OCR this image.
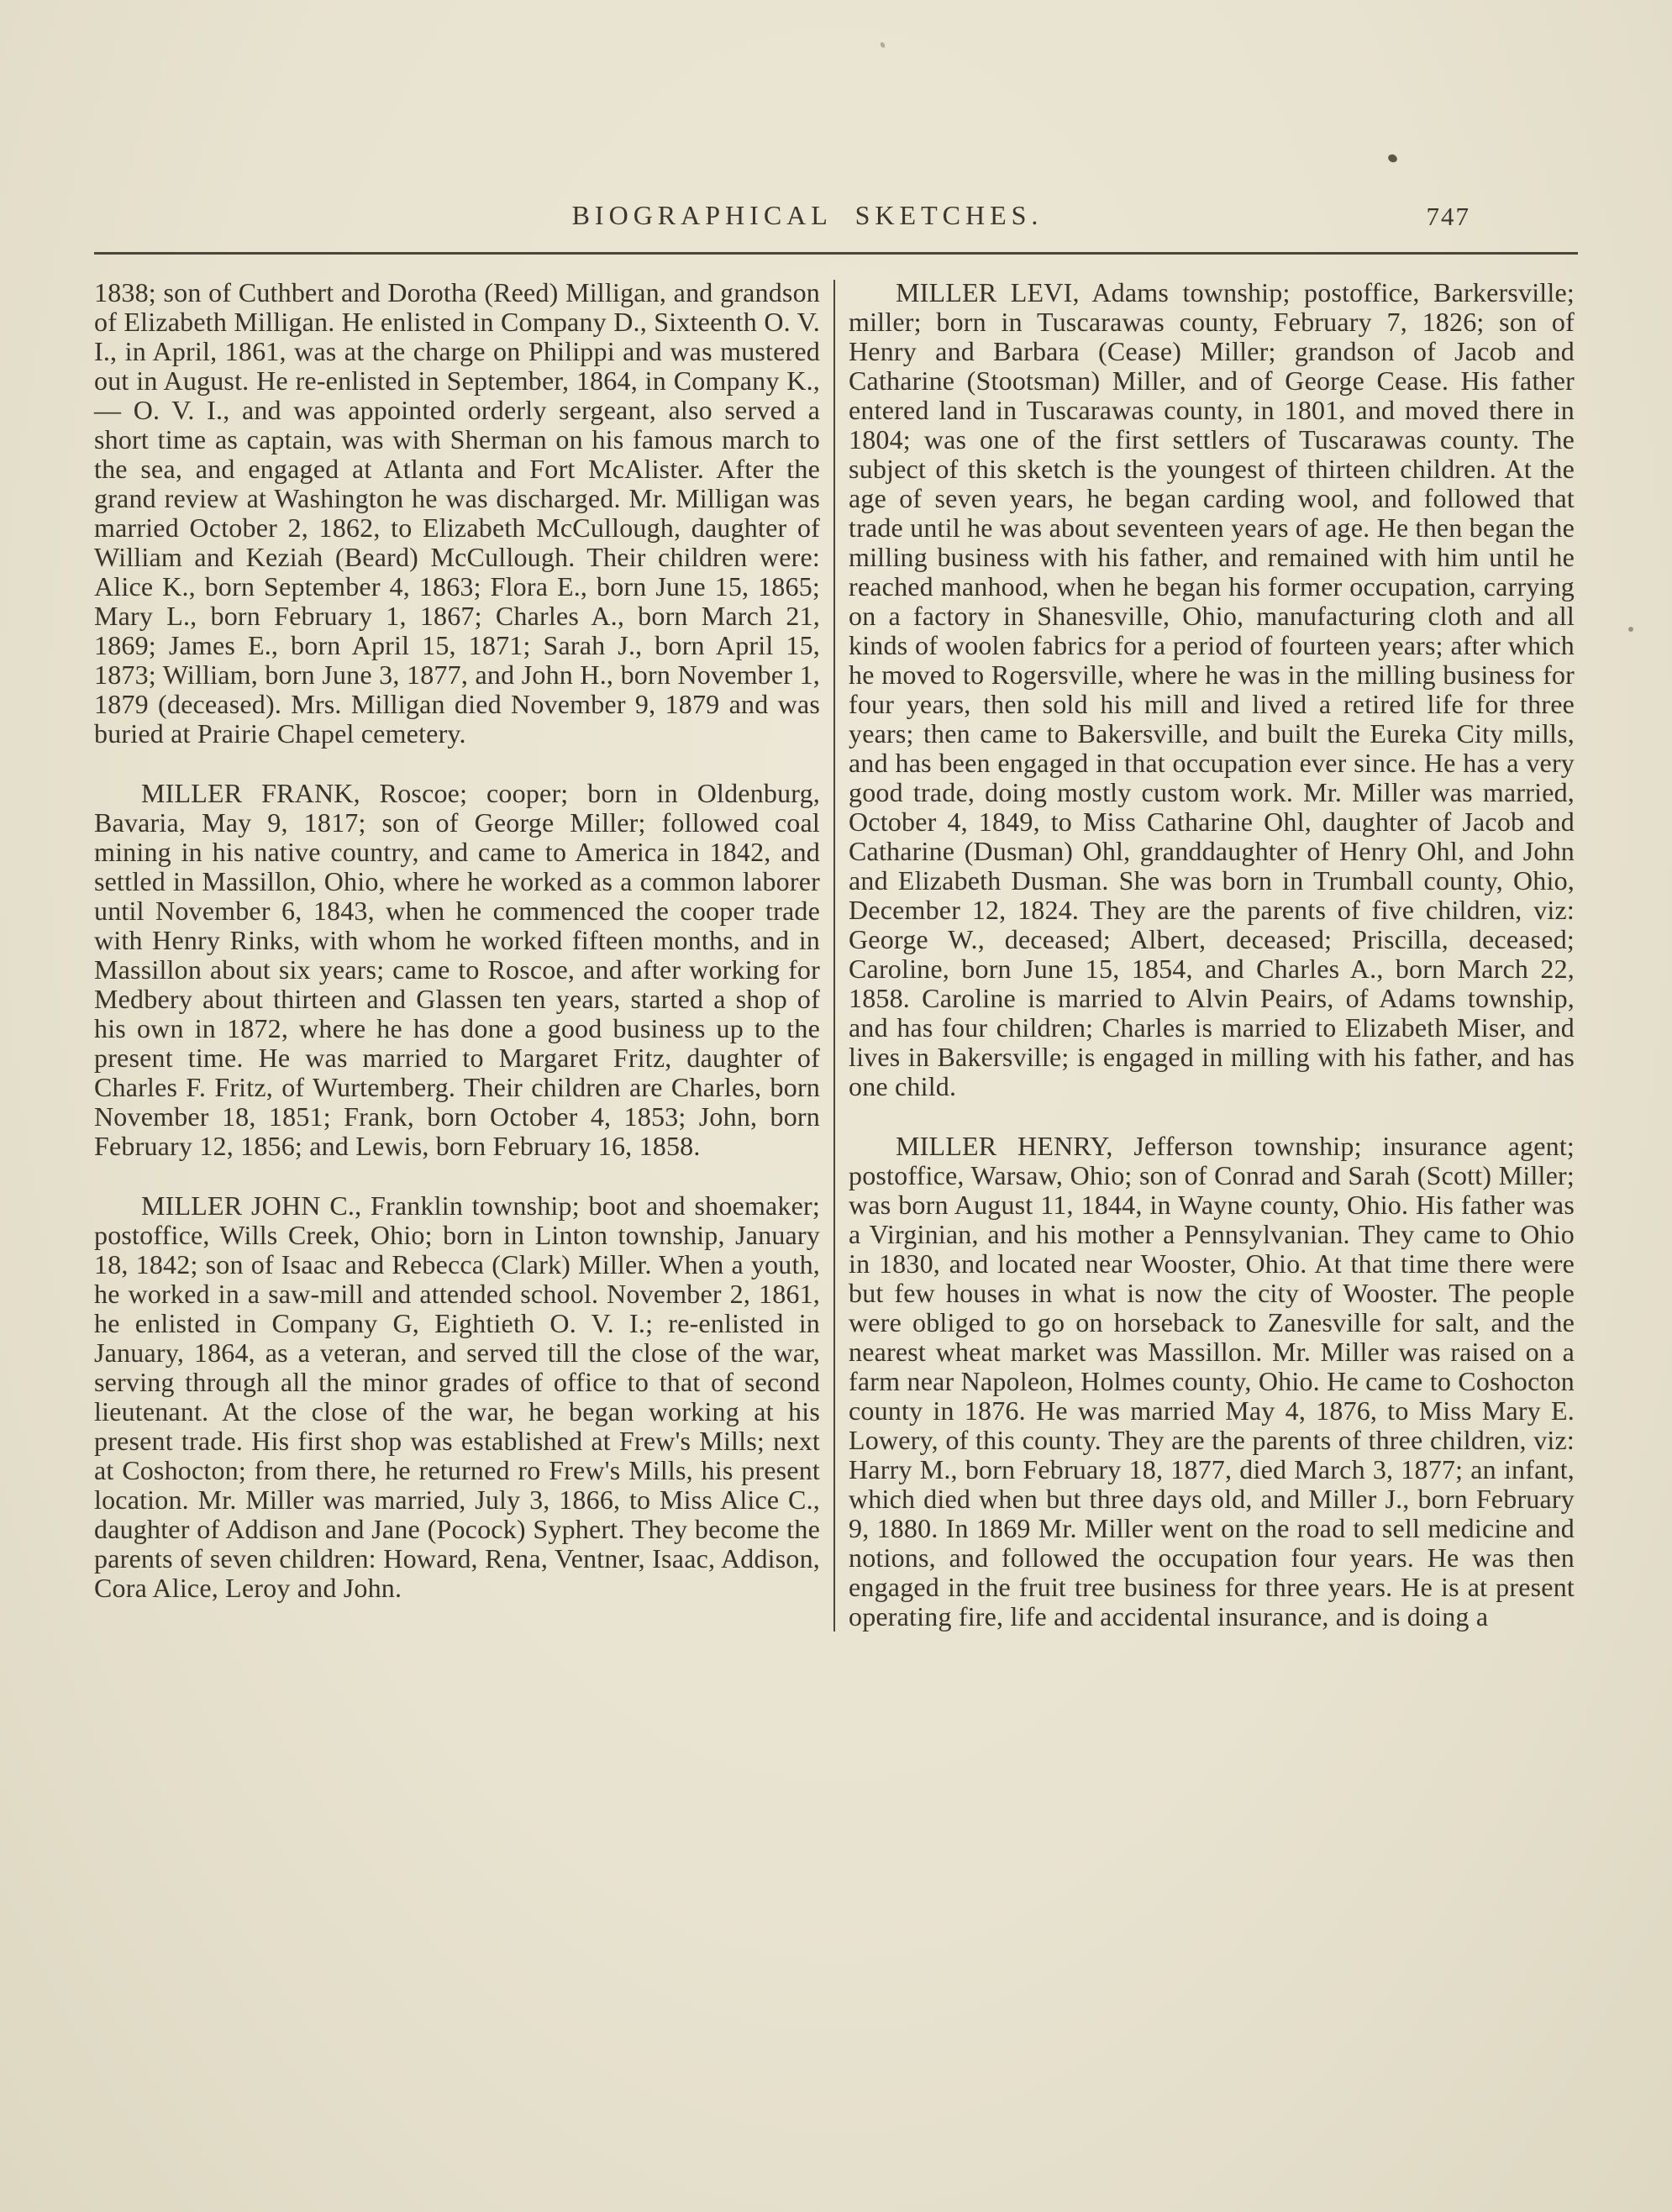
BIOGRAPHICAL SKETCHES.	747

1838; son of Cuthbert and Dorotha (Reed) Milligan, and grandson of Elizabeth Milligan. He enlisted in Company D., Sixteenth O. V. I., in April, 1861, was at the charge on Philippi and was mustered out in August. He re-enlisted in September, 1864, in Company K., — O. V. I., and was appointed orderly sergeant, also served a short time as captain, was with Sherman on his famous march to the sea, and engaged at Atlanta and Fort McAlister. After the grand review at Washington he was discharged. Mr. Milligan was married October 2, 1862, to Elizabeth McCullough, daughter of William and Keziah (Beard) McCullough. Their children were: Alice K., born September 4, 1863; Flora E., born June 15, 1865; Mary L., born February 1, 1867; Charles A., born March 21, 1869; James E., born April 15, 1871; Sarah J., born April 15, 1873; William, born June 3, 1877, and John H., born November 1, 1879 (deceased). Mrs. Milligan died November 9, 1879 and was buried at Prairie Chapel cemetery.

MILLER FRANK, Roscoe; cooper; born in Oldenburg, Bavaria, May 9, 1817; son of George Miller; followed coal mining in his native country, and came to America in 1842, and settled in Massillon, Ohio, where he worked as a common laborer until November 6, 1843, when he commenced the cooper trade with Henry Rinks, with whom he worked fifteen months, and in Massillon about six years; came to Roscoe, and after working for Medbery about thirteen and Glassen ten years, started a shop of his own in 1872, where he has done a good business up to the present time. He was married to Margaret Fritz, daughter of Charles F. Fritz, of Wurtemberg. Their children are Charles, born November 18, 1851; Frank, born October 4, 1853; John, born February 12, 1856; and Lewis, born February 16, 1858.

MILLER JOHN C., Franklin township; boot and shoemaker; postoffice, Wills Creek, Ohio; born in Linton township, January 18, 1842; son of Isaac and Rebecca (Clark) Miller. When a youth, he worked in a saw-mill and attended school. November 2, 1861, he enlisted in Company G, Eightieth O. V. I.; re-enlisted in January, 1864, as a veteran, and served till the close of the war, serving through all the minor grades of office to that of second lieutenant. At the close of the war, he began working at his present trade. His first shop was established at Frew's Mills; next at Coshocton; from there, he returned ro Frew's Mills, his present location. Mr. Miller was married, July 3, 1866, to Miss Alice C., daughter of Addison and Jane (Pocock) Syphert. They become the parents of seven children: Howard, Rena, Ventner, Isaac, Addison, Cora Alice, Leroy and John.

MILLER LEVI, Adams township; postoffice, Barkersville; miller; born in Tuscarawas county, February 7, 1826; son of Henry and Barbara (Cease) Miller; grandson of Jacob and Catharine (Stootsman) Miller, and of George Cease. His father entered land in Tuscarawas county, in 1801, and moved there in 1804; was one of the first settlers of Tuscarawas county. The subject of this sketch is the youngest of thirteen children. At the age of seven years, he began carding wool, and followed that trade until he was about seventeen years of age. He then began the milling business with his father, and remained with him until he reached manhood, when he began his former occupation, carrying on a factory in Shanesville, Ohio, manufacturing cloth and all kinds of woolen fabrics for a period of fourteen years; after which he moved to Rogersville, where he was in the milling business for four years, then sold his mill and lived a retired life for three years; then came to Bakersville, and built the Eureka City mills, and has been engaged in that occupation ever since. He has a very good trade, doing mostly custom work. Mr. Miller was married, October 4, 1849, to Miss Catharine Ohl, daughter of Jacob and Catharine (Dusman) Ohl, granddaughter of Henry Ohl, and John and Elizabeth Dusman. She was born in Trumball county, Ohio, December 12, 1824. They are the parents of five children, viz: George W., deceased; Albert, deceased; Priscilla, deceased; Caroline, born June 15, 1854, and Charles A., born March 22, 1858. Caroline is married to Alvin Peairs, of Adams township, and has four children; Charles is married to Elizabeth Miser, and lives in Bakersville; is engaged in milling with his father, and has one child.

MILLER HENRY, Jefferson township; insurance agent; postoffice, Warsaw, Ohio; son of Conrad and Sarah (Scott) Miller; was born August 11, 1844, in Wayne county, Ohio. His father was a Virginian, and his mother a Pennsylvanian. They came to Ohio in 1830, and located near Wooster, Ohio. At that time there were but few houses in what is now the city of Wooster. The people were obliged to go on horseback to Zanesville for salt, and the nearest wheat market was Massillon. Mr. Miller was raised on a farm near Napoleon, Holmes county, Ohio. He came to Coshocton county in 1876. He was married May 4, 1876, to Miss Mary E. Lowery, of this county. They are the parents of three children, viz: Harry M., born February 18, 1877, died March 3, 1877; an infant, which died when but three days old, and Miller J., born February 9, 1880. In 1869 Mr. Miller went on the road to sell medicine and notions, and followed the occupation four years. He was then engaged in the fruit tree business for three years. He is at present operating fire, life and accidental insurance, and is doing a
